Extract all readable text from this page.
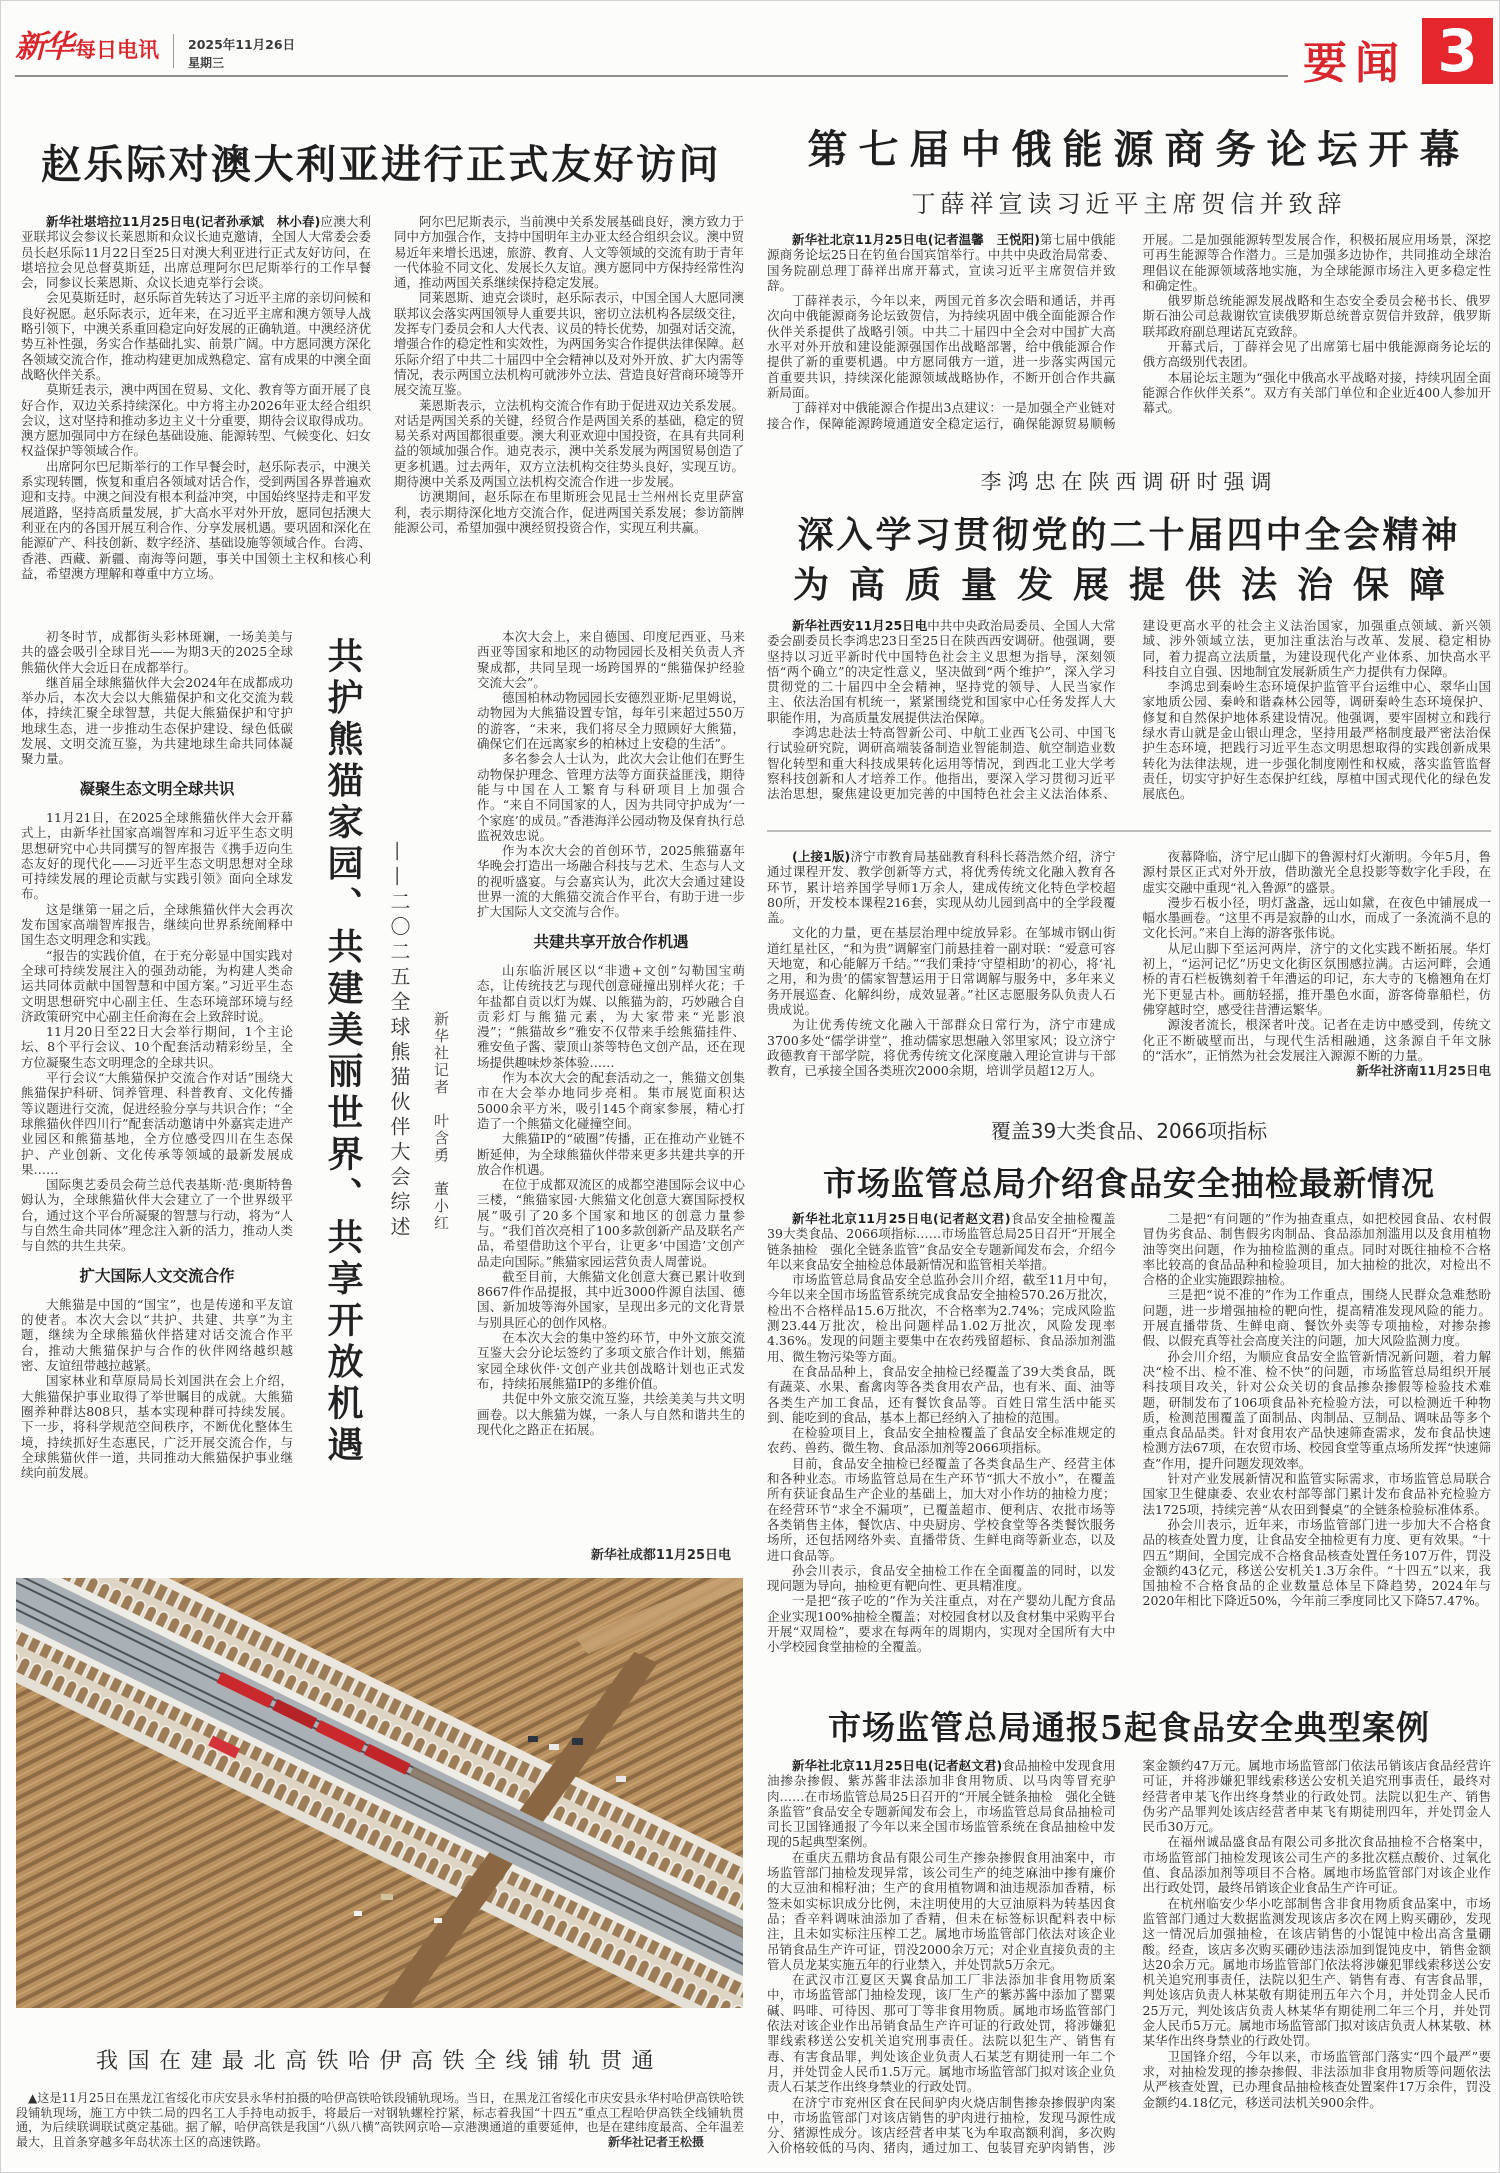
新华 每日电讯 2025年11月26日
星期三	要闻 3
赵乐际对澳大利亚进行正式友好访问

新华社堪培拉11月25日电(记者孙承斌　林小春)应澳大利亚联邦议会参议长莱恩斯和众议长迪克邀请，全国人大常委会委员长赵乐际11月22日至25日对澳大利亚进行正式友好访问，在堪培拉会见总督莫斯廷，出席总理阿尔巴尼斯举行的工作早餐会，同参议长莱恩斯、众议长迪克举行会谈。

会见莫斯廷时，赵乐际首先转达了习近平主席的亲切问候和良好祝愿。赵乐际表示，近年来，在习近平主席和澳方领导人战略引领下，中澳关系重回稳定向好发展的正确轨道。中澳经济优势互补性强，务实合作基础扎实、前景广阔。中方愿同澳方深化各领域交流合作，推动构建更加成熟稳定、富有成果的中澳全面战略伙伴关系。

莫斯廷表示，澳中两国在贸易、文化、教育等方面开展了良好合作，双边关系持续深化。中方将主办2026年亚太经合组织会议，这对坚持和推动多边主义十分重要，期待会议取得成功。澳方愿加强同中方在绿色基础设施、能源转型、气候变化、妇女权益保护等领域合作。

出席阿尔巴尼斯举行的工作早餐会时，赵乐际表示，中澳关系实现转圜，恢复和重启各领域对话合作，受到两国各界普遍欢迎和支持。中澳之间没有根本利益冲突，中国始终坚持走和平发展道路，坚持高质量发展，扩大高水平对外开放，愿同包括澳大利亚在内的各国开展互利合作、分享发展机遇。要巩固和深化在能源矿产、科技创新、数字经济、基础设施等领域合作。台湾、香港、西藏、新疆、南海等问题，事关中国领土主权和核心利益，希望澳方理解和尊重中方立场。

阿尔巴尼斯表示，当前澳中关系发展基础良好，澳方致力于同中方加强合作，支持中国明年主办亚太经合组织会议。澳中贸易近年来增长迅速，旅游、教育、人文等领域的交流有助于青年一代体验不同文化、发展长久友谊。澳方愿同中方保持经常性沟通，推动两国关系继续保持稳定发展。

同莱恩斯、迪克会谈时，赵乐际表示，中国全国人大愿同澳联邦议会落实两国领导人重要共识，密切立法机构各层级交往，发挥专门委员会和人大代表、议员的特长优势，加强对话交流，增强合作的稳定性和实效性，为两国务实合作提供法律保障。赵乐际介绍了中共二十届四中全会精神以及对外开放、扩大内需等情况，表示两国立法机构可就涉外立法、营造良好营商环境等开展交流互鉴。

莱恩斯表示，立法机构交流合作有助于促进双边关系发展。对话是两国关系的关键，经贸合作是两国关系的基础，稳定的贸易关系对两国都很重要。澳大利亚欢迎中国投资，在具有共同利益的领域加强合作。迪克表示，澳中关系发展为两国贸易创造了更多机遇。过去两年，双方立法机构交往势头良好，实现互访。期待澳中关系及两国立法机构交流合作进一步发展。

访澳期间，赵乐际在布里斯班会见昆士兰州州长克里萨富利，表示期待深化地方交流合作，促进两国关系发展；参访箭牌能源公司，希望加强中澳经贸投资合作，实现互利共赢。

第七届中俄能源商务论坛开幕
丁薛祥宣读习近平主席贺信并致辞

新华社北京11月25日电(记者温馨　王悦阳)第七届中俄能源商务论坛25日在钓鱼台国宾馆举行。中共中央政治局常委、国务院副总理丁薛祥出席开幕式，宣读习近平主席贺信并致辞。

丁薛祥表示，今年以来，两国元首多次会晤和通话，并再次向中俄能源商务论坛致贺信，为持续巩固中俄全面能源合作伙伴关系提供了战略引领。中共二十届四中全会对中国扩大高水平对外开放和建设能源强国作出战略部署，给中俄能源合作提供了新的重要机遇。中方愿同俄方一道，进一步落实两国元首重要共识，持续深化能源领域战略协作，不断开创合作共赢新局面。

丁薛祥对中俄能源合作提出3点建议：一是加强全产业链对接合作，保障能源跨境通道安全稳定运行，确保能源贸易顺畅开展。二是加强能源转型发展合作，积极拓展应用场景，深挖可再生能源等合作潜力。三是加强多边协作，共同推动全球治理倡议在能源领域落地实施，为全球能源市场注入更多稳定性和确定性。

俄罗斯总统能源发展战略和生态安全委员会秘书长、俄罗斯石油公司总裁谢钦宣读俄罗斯总统普京贺信并致辞，俄罗斯联邦政府副总理诺瓦克致辞。

开幕式后，丁薛祥会见了出席第七届中俄能源商务论坛的俄方高级别代表团。

本届论坛主题为“强化中俄高水平战略对接，持续巩固全面能源合作伙伴关系”。双方有关部门单位和企业近400人参加开幕式。

李鸿忠在陕西调研时强调
深入学习贯彻党的二十届四中全会精神
为高质量发展提供法治保障

新华社西安11月25日电中共中央政治局委员、全国人大常委会副委员长李鸿忠23日至25日在陕西西安调研。他强调，要坚持以习近平新时代中国特色社会主义思想为指导，深刻领悟“两个确立”的决定性意义，坚决做到“两个维护”，深入学习贯彻党的二十届四中全会精神，坚持党的领导、人民当家作主、依法治国有机统一，紧紧围绕党和国家中心任务发挥人大职能作用，为高质量发展提供法治保障。

李鸿忠赴法士特高智新公司、中航工业西飞公司、中国飞行试验研究院，调研高端装备制造业智能制造、航空制造业数智化转型和重大科技成果转化运用等情况，到西北工业大学考察科技创新和人才培养工作。他指出，要深入学习贯彻习近平法治思想，聚焦建设更加完善的中国特色社会主义法治体系、建设更高水平的社会主义法治国家，加强重点领域、新兴领域、涉外领域立法，更加注重法治与改革、发展、稳定相协同，着力提高立法质量，为建设现代化产业体系、加快高水平科技自立自强、因地制宜发展新质生产力提供有力保障。

李鸿忠到秦岭生态环境保护监管平台运维中心、翠华山国家地质公园、秦岭和谐森林公园等，调研秦岭生态环境保护、修复和自然保护地体系建设情况。他强调，要牢固树立和践行绿水青山就是金山银山理念，坚持用最严格制度最严密法治保护生态环境，把践行习近平生态文明思想取得的实践创新成果转化为法律法规，进一步强化制度刚性和权威，落实监管监督责任，切实守护好生态保护红线，厚植中国式现代化的绿色发展底色。

(上接1版)济宁市教育局基础教育科科长蒋浩然介绍，济宁通过课程开发、教学创新等方式，将优秀传统文化融入教育各环节，累计培养国学导师1万余人，建成传统文化特色学校超80所，开发校本课程216套，实现从幼儿园到高中的全学段覆盖。

文化的力量，更在基层治理中绽放异彩。在邹城市钢山街道红星社区，“和为贵”调解室门前悬挂着一副对联：“爱意可容天地宽，和心能解万千结。”“我们秉持‘守望相助’的初心，将‘礼之用，和为贵’的儒家智慧运用于日常调解与服务中，多年来义务开展巡查、化解纠纷，成效显著。”社区志愿服务队负责人石贵成说。

为让优秀传统文化融入干部群众日常行为，济宁市建成3700多处“儒学讲堂”，推动儒家思想融入邻里家风；设立济宁政德教育干部学院，将优秀传统文化深度融入理论宣讲与干部教育，已承接全国各类班次2000余期，培训学员超12万人。

夜幕降临，济宁尼山脚下的鲁源村灯火渐明。今年5月，鲁源村景区正式对外开放，借助激光全息投影等数字化手段，在虚实交融中重现“礼入鲁源”的盛景。

漫步石板小径，明灯盏盏，远山如黛，在夜色中铺展成一幅水墨画卷。“这里不再是寂静的山水，而成了一条流淌不息的文化长河。”来自上海的游客张伟说。

从尼山脚下至运河两岸，济宁的文化实践不断拓展。华灯初上，“运河记忆”历史文化街区氛围感拉满。古运河畔，会通桥的青石栏板镌刻着千年漕运的印记，东大寺的飞檐翘角在灯光下更显古朴。画舫轻摇，推开墨色水面，游客倚靠船栏，仿佛穿越时空，感受往昔漕运繁华。

源浚者流长，根深者叶茂。记者在走访中感受到，传统文化正不断破壁而出，与现代生活相融通，这条源自千年文脉的“活水”，正悄然为社会发展注入源源不断的力量。

新华社济南11月25日电

覆盖39大类食品、2066项指标
市场监管总局介绍食品安全抽检最新情况

新华社北京11月25日电(记者赵文君)食品安全抽检覆盖39大类食品、2066项指标……市场监管总局25日召开“开展全链条抽检　强化全链条监管”食品安全专题新闻发布会，介绍今年以来食品安全抽检总体最新情况和监管相关举措。

市场监管总局食品安全总监孙会川介绍，截至11月中旬，今年以来全国市场监管系统完成食品安全抽检570.26万批次，检出不合格样品15.6万批次，不合格率为2.74%；完成风险监测23.44万批次，检出问题样品1.02万批次，风险发现率4.36%。发现的问题主要集中在农药残留超标、食品添加剂滥用、微生物污染等方面。

在食品品种上，食品安全抽检已经覆盖了39大类食品，既有蔬菜、水果、畜禽肉等各类食用农产品，也有米、面、油等各类生产加工食品，还有餐饮食品等。百姓日常生活中能买到、能吃到的食品，基本上都已经纳入了抽检的范围。

在检验项目上，食品安全抽检覆盖了食品安全标准规定的农药、兽药、微生物、食品添加剂等2066项指标。

目前，食品安全抽检已经覆盖了各类食品生产、经营主体和各种业态。市场监管总局在生产环节“抓大不放小”，在覆盖所有获证食品生产企业的基础上，加大对小作坊的抽检力度；在经营环节“求全不漏项”，已覆盖超市、便利店、农批市场等各类销售主体，餐饮店、中央厨房、学校食堂等各类餐饮服务场所，还包括网络外卖、直播带货、生鲜电商等新业态，以及进口食品等。

孙会川表示，食品安全抽检工作在全面覆盖的同时，以发现问题为导向，抽检更有靶向性、更具精准度。

一是把“孩子吃的”作为关注重点，对在产婴幼儿配方食品企业实现100%抽检全覆盖；对校园食材以及食材集中采购平台开展“双周检”，要求在每两年的周期内，实现对全国所有大中小学校园食堂抽检的全覆盖。

二是把“有问题的”作为抽查重点，如把校园食品、农村假冒伪劣食品、制售假劣肉制品、食品添加剂滥用以及食用植物油等突出问题，作为抽检监测的重点。同时对既往抽检不合格率比较高的食品品种和检验项目，加大抽检的批次，对检出不合格的企业实施跟踪抽检。

三是把“说不准的”作为工作重点，围绕人民群众急难愁盼问题，进一步增强抽检的靶向性，提高精准发现风险的能力。开展直播带货、生鲜电商、餐饮外卖等专项抽检，对掺杂掺假、以假充真等社会高度关注的问题，加大风险监测力度。

孙会川介绍，为顺应食品安全监管新情况新问题，着力解决“检不出、检不准、检不快”的问题，市场监管总局组织开展科技项目攻关，针对公众关切的食品掺杂掺假等检验技术难题，研制发布了106项食品补充检验方法，可以检测近千种物质，检测范围覆盖了面制品、肉制品、豆制品、调味品等多个重点食品品类。针对食用农产品快速筛查需求，发布食品快速检测方法67项，在农贸市场、校园食堂等重点场所发挥“快速筛查”作用，提升问题发现效率。

针对产业发展新情况和监管实际需求，市场监管总局联合国家卫生健康委、农业农村部等部门累计发布食品补充检验方法1725项，持续完善“从农田到餐桌”的全链条检验标准体系。

孙会川表示，近年来，市场监管部门进一步加大不合格食品的核查处置力度，让食品安全抽检更有力度、更有效果。“十四五”期间，全国完成不合格食品核查处置任务107万件，罚没金额约43亿元，移送公安机关1.3万余件。“十四五”以来，我国抽检不合格食品的企业数量总体呈下降趋势，2024年与2020年相比下降近50%，今年前三季度同比又下降57.47%。

市场监管总局通报5起食品安全典型案例

新华社北京11月25日电(记者赵文君)食品抽检中发现食用油掺杂掺假、紫苏酱非法添加非食用物质、以马肉等冒充驴肉……在市场监管总局25日召开的“开展全链条抽检　强化全链条监管”食品安全专题新闻发布会上，市场监管总局食品抽检司司长卫国锋通报了今年以来全国市场监管系统在食品抽检中发现的5起典型案例。

在重庆五鼎坊食品有限公司生产掺杂掺假食用油案中，市场监管部门抽检发现异常，该公司生产的纯芝麻油中掺有廉价的大豆油和棉籽油；生产的食用植物调和油违规添加香精，标签未如实标识成分比例，未注明使用的大豆油原料为转基因食品；香辛料调味油添加了香精，但未在标签标识配料表中标注，且未如实标注压榨工艺。属地市场监管部门依法对该企业吊销食品生产许可证，罚没2000余万元；对企业直接负责的主管人员龙某实施五年的行业禁入，并处罚款5万余元。

在武汉市江夏区天翼食品加工厂非法添加非食用物质案中，市场监管部门抽检发现，该厂生产的紫苏酱中添加了罂粟碱、吗啡、可待因、那可丁等非食用物质。属地市场监管部门依法对该企业作出吊销食品生产许可证的行政处罚，将涉嫌犯罪线索移送公安机关追究刑事责任。法院以犯生产、销售有毒、有害食品罪，判处该企业负责人石某芝有期徒刑一年二个月，并处罚金人民币1.5万元。属地市场监管部门拟对该企业负责人石某芝作出终身禁业的行政处罚。

在济宁市兖州区食在民间驴肉火烧店制售掺杂掺假驴肉案中，市场监管部门对该店销售的驴肉进行抽检，发现马源性成分、猪源性成分。该店经营者申某飞为牟取高额利润，多次购入价格较低的马肉、猪肉，通过加工、包装冒充驴肉销售，涉案金额约47万元。属地市场监管部门依法吊销该店食品经营许可证，并将涉嫌犯罪线索移送公安机关追究刑事责任，最终对经营者申某飞作出终身禁业的行政处罚。法院以犯生产、销售伪劣产品罪判处该店经营者申某飞有期徒刑四年，并处罚金人民币30万元。

在福州诚品盛食品有限公司多批次食品抽检不合格案中，市场监管部门抽检发现该公司生产的多批次糕点酸价、过氧化值、食品添加剂等项目不合格。属地市场监管部门对该企业作出行政处罚，最终吊销该企业食品生产许可证。

在杭州临安少华小吃部制售含非食用物质食品案中，市场监管部门通过大数据监测发现该店多次在网上购买硼砂，发现这一情况后加强抽检，在该店销售的小馄饨中检出高含量硼酸。经查，该店多次购买硼砂违法添加到馄饨皮中，销售金额达20余万元。属地市场监管部门依法将涉嫌犯罪线索移送公安机关追究刑事责任，法院以犯生产、销售有毒、有害食品罪，判处该店负责人林某敬有期徒刑五年六个月，并处罚金人民币25万元，判处该店负责人林某华有期徒刑二年三个月，并处罚金人民币5万元。属地市场监管部门拟对该店负责人林某敬、林某华作出终身禁业的行政处罚。

卫国锋介绍，今年以来，市场监管部门落实“四个最严”要求，对抽检发现的掺杂掺假、非法添加非食用物质等问题依法从严核查处置，已办理食品抽检核查处置案件17万余件，罚没金额约4.18亿元，移送司法机关900余件。

初冬时节，成都街头彩林斑斓，一场美美与共的盛会吸引全球目光——为期3天的2025全球熊猫伙伴大会近日在成都举行。

继首届全球熊猫伙伴大会2024年在成都成功举办后，本次大会以大熊猫保护和文化交流为载体，持续汇聚全球智慧，共促大熊猫保护和守护地球生态，进一步推动生态保护建设、绿色低碳发展、文明交流互鉴，为共建地球生命共同体凝聚力量。

凝聚生态文明全球共识

11月21日，在2025全球熊猫伙伴大会开幕式上，由新华社国家高端智库和习近平生态文明思想研究中心共同撰写的智库报告《携手迈向生态友好的现代化——习近平生态文明思想对全球可持续发展的理论贡献与实践引领》面向全球发布。

这是继第一届之后，全球熊猫伙伴大会再次发布国家高端智库报告，继续向世界系统阐释中国生态文明理念和实践。

“报告的实践价值，在于充分彰显中国实践对全球可持续发展注入的强劲动能，为构建人类命运共同体贡献中国智慧和中国方案。”习近平生态文明思想研究中心副主任、生态环境部环境与经济政策研究中心副主任俞海在会上致辞时说。

11月20日至22日大会举行期间，1个主论坛、8个平行会议、10个配套活动精彩纷呈，全方位凝聚生态文明理念的全球共识。

平行会议“大熊猫保护交流合作对话”围绕大熊猫保护科研、饲养管理、科普教育、文化传播等议题进行交流，促进经验分享与共识合作；“全球熊猫伙伴四川行”配套活动邀请中外嘉宾走进产业园区和熊猫基地，全方位感受四川在生态保护、产业创新、文化传承等领域的最新发展成果……

国际奥艺委员会荷兰总代表基斯·范·奥斯特鲁姆认为，全球熊猫伙伴大会建立了一个世界级平台，通过这个平台所凝聚的智慧与行动，将为“人与自然生命共同体”理念注入新的活力，推动人类与自然的共生共荣。

扩大国际人文交流合作

大熊猫是中国的“国宝”，也是传递和平友谊的使者。本次大会以“共护、共建、共享”为主题，继续为全球熊猫伙伴搭建对话交流合作平台，推动大熊猫保护与合作的伙伴网络越织越密、友谊纽带越拉越紧。

国家林业和草原局局长刘国洪在会上介绍，大熊猫保护事业取得了举世瞩目的成就。大熊猫圈养种群达808只，基本实现种群可持续发展。下一步，将科学规范空间秩序，不断优化整体生境，持续抓好生态惠民，广泛开展交流合作，与全球熊猫伙伴一道，共同推动大熊猫保护事业继续向前发展。

共护熊猫家园、共建美丽世界、共享开放机遇 ——二〇二五全球熊猫伙伴大会综述 新华社记者　叶含勇　董小红

本次大会上，来自德国、印度尼西亚、马来西亚等国家和地区的动物园园长及相关负责人齐聚成都，共同呈现一场跨国界的“熊猫保护经验交流大会”。

德国柏林动物园园长安德烈亚斯·尼里姆说，动物园为大熊猫设置专馆，每年引来超过550万的游客，“未来，我们将尽全力照顾好大熊猫，确保它们在远离家乡的柏林过上安稳的生活”。

多名参会人士认为，此次大会让他们在野生动物保护理念、管理方法等方面获益匪浅，期待能与中国在人工繁育与科研项目上加强合作。“来自不同国家的人，因为共同守护成为‘一个家庭’的成员。”香港海洋公园动物及保育执行总监祝效忠说。

作为本次大会的首创环节，2025熊猫嘉年华晚会打造出一场融合科技与艺术、生态与人文的视听盛宴。与会嘉宾认为，此次大会通过建设世界一流的大熊猫交流合作平台，有助于进一步扩大国际人文交流与合作。

共建共享开放合作机遇

山东临沂展区以“非遗+文创”勾勒国宝萌态，让传统技艺与现代创意碰撞出别样火花；千年盐都自贡以灯为媒、以熊猫为韵，巧妙融合自贡彩灯与熊猫元素，为大家带来“光影浪漫”；“熊猫故乡”雅安不仅带来手绘熊猫挂件、雅安鱼子酱、蒙顶山茶等特色文创产品，还在现场提供趣味炒茶体验……

作为本次大会的配套活动之一，熊猫文创集市在大会举办地同步亮相。集市展览面积达5000余平方米，吸引145个商家参展，精心打造了一个熊猫文化碰撞空间。

大熊猫IP的“破圈”传播，正在推动产业链不断延伸，为全球熊猫伙伴带来更多共建共享的开放合作机遇。

在位于成都双流区的成都空港国际会议中心三楼，“熊猫家园·大熊猫文化创意大赛国际授权展”吸引了20多个国家和地区的创意力量参与。“我们首次亮相了100多款创新产品及联名产品，希望借助这个平台，让更多‘中国造’文创产品走向国际。”熊猫家园运营负责人周蕾说。

截至目前，大熊猫文化创意大赛已累计收到8667件作品提报，其中近3000件源自法国、德国、新加坡等海外国家，呈现出多元的文化背景与别具匠心的创作风格。

在本次大会的集中签约环节，中外文旅交流互鉴大会分论坛签约了多项文旅合作计划，熊猫家园全球伙伴·文创产业共创战略计划也正式发布，持续拓展熊猫IP的多维价值。

共促中外文旅交流互鉴，共绘美美与共文明画卷。以大熊猫为媒，一条人与自然和谐共生的现代化之路正在拓展。

新华社成都11月25日电
我国在建最北高铁哈伊高铁全线铺轨贯通
▲这是11月25日在黑龙江省绥化市庆安县永华村拍摄的哈伊高铁哈铁段铺轨现场。当日，在黑龙江省绥化市庆安县永华村哈伊高铁哈铁段铺轨现场，施工方中铁二局的四名工人手持电动扳手，将最后一对钢轨螺栓拧紧，标志着我国“十四五”重点工程哈伊高铁全线铺轨贯通，为后续联调联试奠定基础。据了解，哈伊高铁是我国“八纵八横”高铁网京哈—京港澳通道的重要延伸，也是在建纬度最高、全年温差最大，且首条穿越多年岛状冻土区的高速铁路。	新华社记者王松摄
